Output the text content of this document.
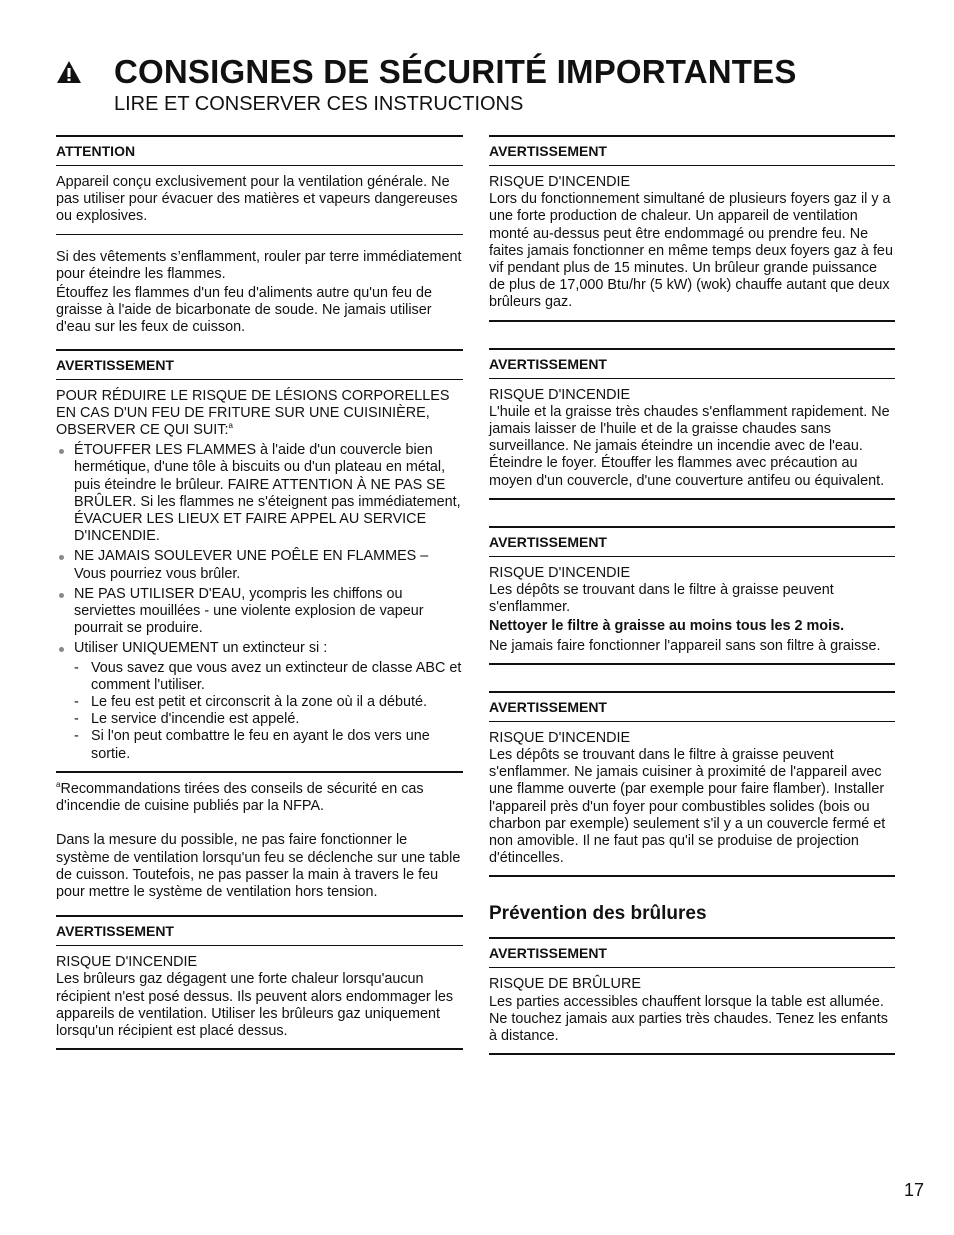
CONSIGNES DE SÉCURITÉ IMPORTANTES
LIRE ET CONSERVER CES INSTRUCTIONS
ATTENTION

Appareil conçu exclusivement pour la ventilation générale. Ne pas utiliser pour évacuer des matières et vapeurs dangereuses ou explosives.

Si des vêtements s’enflamment, rouler par terre immédiatement pour éteindre les flammes.

Étouffez les flammes d'un feu d'aliments autre qu'un feu de graisse à l'aide de bicarbonate de soude. Ne jamais utiliser d'eau sur les feux de cuisson.

AVERTISSEMENT

POUR RÉDUIRE LE RISQUE DE LÉSIONS CORPORELLES EN CAS D'UN FEU DE FRITURE SUR UNE CUISINIÈRE, OBSERVER CE QUI SUIT:$^a$

ÉTOUFFER LES FLAMMES à l'aide d'un couvercle bien hermétique, d'une tôle à biscuits ou d'un plateau en métal, puis éteindre le brûleur. FAIRE ATTENTION À NE PAS SE BRÛLER. Si les flammes ne s'éteignent pas immédiatement, ÉVACUER LES LIEUX ET FAIRE APPEL AU SERVICE D'INCENDIE.
NE JAMAIS SOULEVER UNE POÊLE EN FLAMMES – Vous pourriez vous brûler.
NE PAS UTILISER D'EAU, ycompris les chiffons ou serviettes mouillées - une violente explosion de vapeur pourrait se produire.
Utiliser UNIQUEMENT un extincteur si :
- Vous savez que vous avez un extincteur de classe ABC et comment l'utiliser.
- Le feu est petit et circonscrit à la zone où il a débuté.
- Le service d'incendie est appelé.
- Si l'on peut combattre le feu en ayant le dos vers une sortie.

$^a$Recommandations tirées des conseils de sécurité en cas d'incendie de cuisine publiés par la NFPA.

Dans la mesure du possible, ne pas faire fonctionner le système de ventilation lorsqu'un feu se déclenche sur une table de cuisson. Toutefois, ne pas passer la main à travers le feu pour mettre le système de ventilation hors tension.

AVERTISSEMENT

RISQUE D'INCENDIE

Les brûleurs gaz dégagent une forte chaleur lorsqu'aucun récipient n'est posé dessus. Ils peuvent alors endommager les appareils de ventilation. Utiliser les brûleurs gaz uniquement lorsqu'un récipient est placé dessus.

AVERTISSEMENT

RISQUE D'INCENDIE

Lors du fonctionnement simultané de plusieurs foyers gaz il y a une forte production de chaleur. Un appareil de ventilation monté au-dessus peut être endommagé ou prendre feu. Ne faites jamais fonctionner en même temps deux foyers gaz à feu vif pendant plus de 15 minutes. Un brûleur grande puissance de plus de 17,000 Btu/hr (5 kW) (wok) chauffe autant que deux brûleurs gaz.

AVERTISSEMENT

RISQUE D'INCENDIE

L'huile et la graisse très chaudes s'enflamment rapidement. Ne jamais laisser de l'huile et de la graisse chaudes sans surveillance. Ne jamais éteindre un incendie avec de l'eau. Éteindre le foyer. Étouffer les flammes avec précaution au moyen d'un couvercle, d'une couverture antifeu ou équivalent.

AVERTISSEMENT

RISQUE D'INCENDIE

Les dépôts se trouvant dans le filtre à graisse peuvent s'enflammer.

Nettoyer le filtre à graisse au moins tous les 2 mois.

Ne jamais faire fonctionner l'appareil sans son filtre à graisse.

AVERTISSEMENT

RISQUE D'INCENDIE

Les dépôts se trouvant dans le filtre à graisse peuvent s'enflammer. Ne jamais cuisiner à proximité de l'appareil avec une flamme ouverte (par exemple pour faire flamber). Installer l'appareil près d'un foyer pour combustibles solides (bois ou charbon par exemple) seulement s'il y a un couvercle fermé et non amovible. Il ne faut pas qu'il se produise de projection d'étincelles.

Prévention des brûlures
AVERTISSEMENT

RISQUE DE BRÛLURE

Les parties accessibles chauffent lorsque la table est allumée. Ne touchez jamais aux parties très chaudes. Tenez les enfants à distance.

17
